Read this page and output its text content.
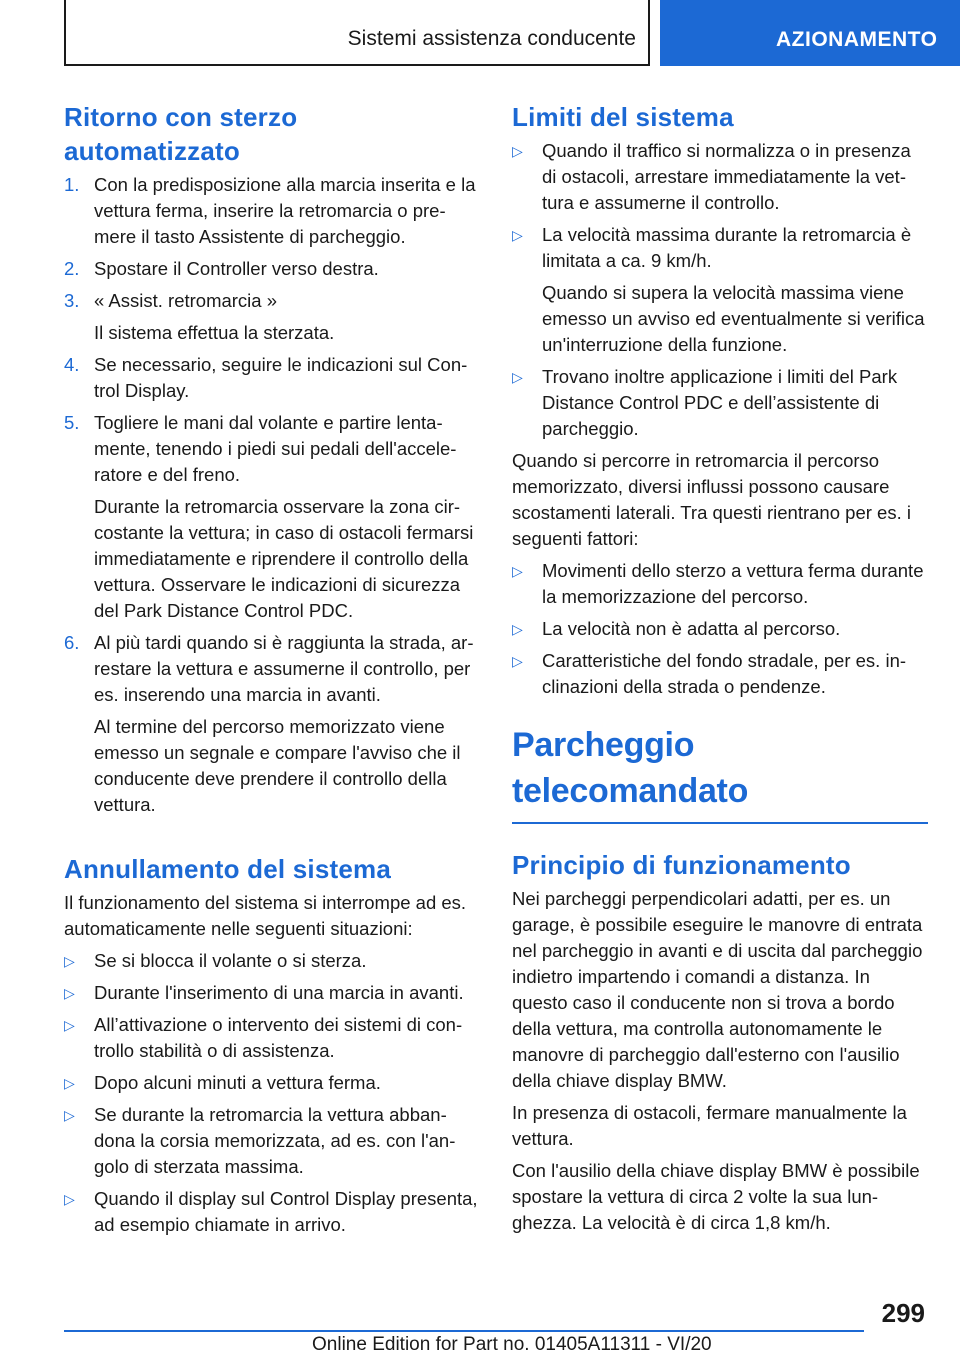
Sistemi assistenza conducente	AZIONAMENTO
Ritorno con sterzo automatizzato
1. Con la predisposizione alla marcia inserita e la vettura ferma, inserire la retromarcia o premere il tasto Assistente di parcheggio.
2. Spostare il Controller verso destra.
3. « Assist. retromarcia »
Il sistema effettua la sterzata.
4. Se necessario, seguire le indicazioni sul Control Display.
5. Togliere le mani dal volante e partire lentamente, tenendo i piedi sui pedali dell'acceleratore e del freno.
Durante la retromarcia osservare la zona circostante la vettura; in caso di ostacoli fermarsi immediatamente e riprendere il controllo della vettura. Osservare le indicazioni di sicurezza del Park Distance Control PDC.
6. Al più tardi quando si è raggiunta la strada, arrestare la vettura e assumerne il controllo, per es. inserendo una marcia in avanti.
Al termine del percorso memorizzato viene emesso un segnale e compare l'avviso che il conducente deve prendere il controllo della vettura.
Annullamento del sistema

Il funzionamento del sistema si interrompe ad es. automaticamente nelle seguenti situazioni:

▷ Se si blocca il volante o si sterza.
▷ Durante l'inserimento di una marcia in avanti.
▷ All’attivazione o intervento dei sistemi di controllo stabilità o di assistenza.
▷ Dopo alcuni minuti a vettura ferma.
▷ Se durante la retromarcia la vettura abbandona la corsia memorizzata, ad es. con l'angolo di sterzata massima.
▷ Quando il display sul Control Display presenta, ad esempio chiamate in arrivo.
Limiti del sistema
▷ Quando il traffico si normalizza o in presenza di ostacoli, arrestare immediatamente la vettura e assumerne il controllo.
▷ La velocità massima durante la retromarcia è limitata a ca. 9 km/h.
Quando si supera la velocità massima viene emesso un avviso ed eventualmente si verifica un'interruzione della funzione.
▷ Trovano inoltre applicazione i limiti del Park Distance Control PDC e dell’assistente di parcheggio.

Quando si percorre in retromarcia il percorso memorizzato, diversi influssi possono causare scostamenti laterali. Tra questi rientrano per es. i seguenti fattori:

▷ Movimenti dello sterzo a vettura ferma durante la memorizzazione del percorso.
▷ La velocità non è adatta al percorso.
▷ Caratteristiche del fondo stradale, per es. inclinazioni della strada o pendenze.
Parcheggio telecomandato
Principio di funzionamento

Nei parcheggi perpendicolari adatti, per es. un garage, è possibile eseguire le manovre di entrata nel parcheggio in avanti e di uscita dal parcheggio indietro impartendo i comandi a distanza. In questo caso il conducente non si trova a bordo della vettura, ma controlla autonomamente le manovre di parcheggio dall'esterno con l'ausilio della chiave display BMW.

In presenza di ostacoli, fermare manualmente la vettura.

Con l'ausilio della chiave display BMW è possibile spostare la vettura di circa 2 volte la sua lunghezza. La velocità è di circa 1,8 km/h.

299
Online Edition for Part no. 01405A11311 - VI/20
